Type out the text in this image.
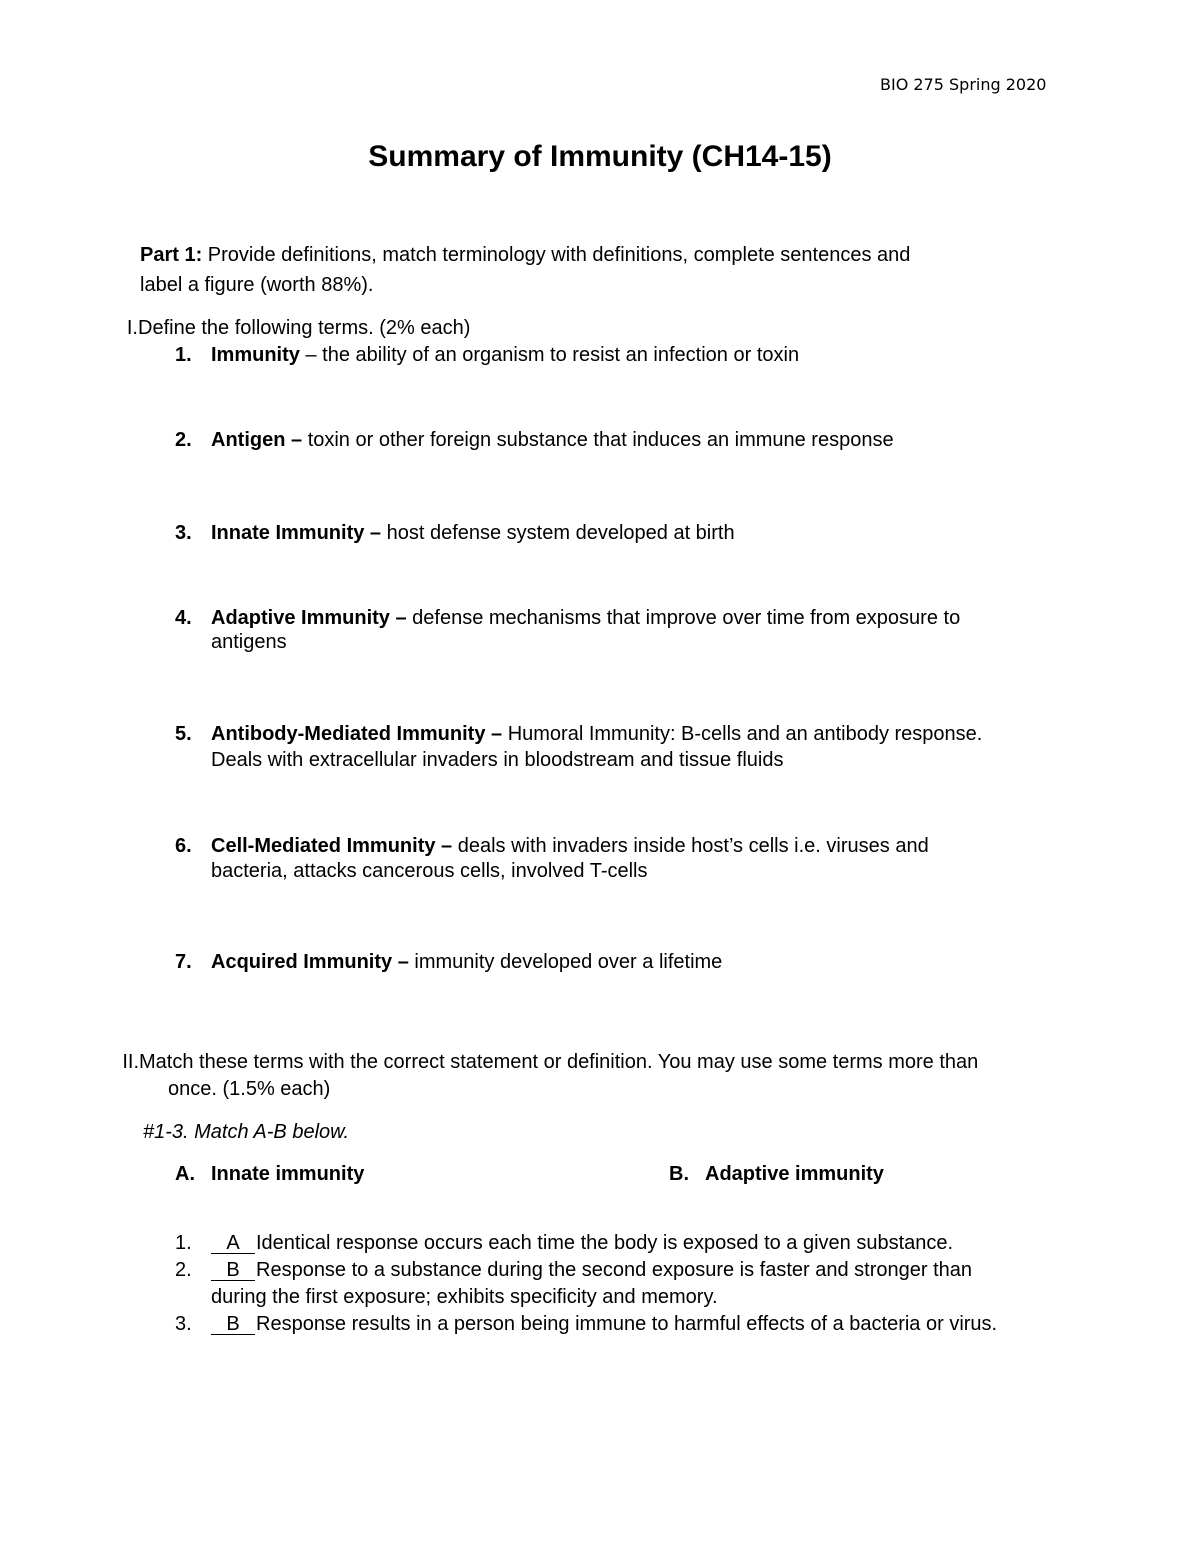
BIO 275 Spring 2020
Summary of Immunity (CH14-15)
Part 1: Provide definitions, match terminology with definitions, complete sentences and
label a figure (worth 88%).
I.Define the following terms. (2% each)
1. Immunity – the ability of an organism to resist an infection or toxin
2. Antigen – toxin or other foreign substance that induces an immune response
3. Innate Immunity – host defense system developed at birth
4. Adaptive Immunity – defense mechanisms that improve over time from exposure to
antigens
5. Antibody-Mediated Immunity – Humoral Immunity: B-cells and an antibody response.
Deals with extracellular invaders in bloodstream and tissue fluids
6. Cell-Mediated Immunity – deals with invaders inside host’s cells i.e. viruses and
bacteria, attacks cancerous cells, involved T-cells
7. Acquired Immunity – immunity developed over a lifetime
II.Match these terms with the correct statement or definition. You may use some terms more than
once. (1.5% each)
#1-3. Match A-B below.
A. Innate immunity	B. Adaptive immunity
1. A Identical response occurs each time the body is exposed to a given substance.
2. B Response to a substance during the second exposure is faster and stronger than
during the first exposure; exhibits specificity and memory.
3. B Response results in a person being immune to harmful effects of a bacteria or virus.
